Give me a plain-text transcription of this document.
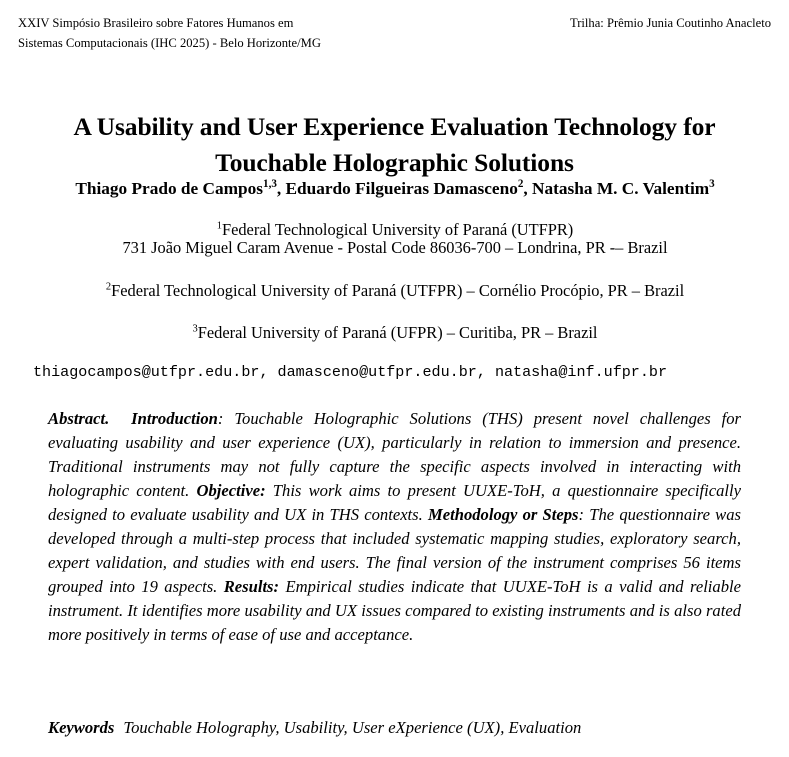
XXIV Simpósio Brasileiro sobre Fatores Humanos em
Sistemas Computacionais (IHC 2025) - Belo Horizonte/MG
Trilha: Prêmio Junia Coutinho Anacleto
A Usability and User Experience Evaluation Technology for
Touchable Holographic Solutions
Thiago Prado de Campos$^{1,3}$, Eduardo Filgueiras Damasceno$^2$, Natasha M. C. Valentim$^3$
$^1$Federal Technological University of Paraná (UTFPR)
731 João Miguel Caram Avenue - Postal Code 86036-700 – Londrina, PR -– Brazil
$^2$Federal Technological University of Paraná (UTFPR) – Cornélio Procópio, PR – Brazil
$^3$Federal University of Paraná (UFPR) – Curitiba, PR – Brazil
thiagocampos@utfpr.edu.br, damasceno@utfpr.edu.br, natasha@inf.ufpr.br
Abstract. Introduction: Touchable Holographic Solutions (THS) present novel challenges for evaluating usability and user experience (UX), particularly in relation to immersion and presence. Traditional instruments may not fully capture the specific aspects involved in interacting with holographic content. Objective: This work aims to present UUXE-ToH, a questionnaire specifically designed to evaluate usability and UX in THS contexts. Methodology or Steps: The questionnaire was developed through a multi-step process that included systematic mapping studies, exploratory search, expert validation, and studies with end users. The final version of the instrument comprises 56 items grouped into 19 aspects. Results: Empirical studies indicate that UUXE-ToH is a valid and reliable instrument. It identifies more usability and UX issues compared to existing instruments and is also rated more positively in terms of ease of use and acceptance.
Keywords Touchable Holography, Usability, User eXperience (UX), Evaluation
